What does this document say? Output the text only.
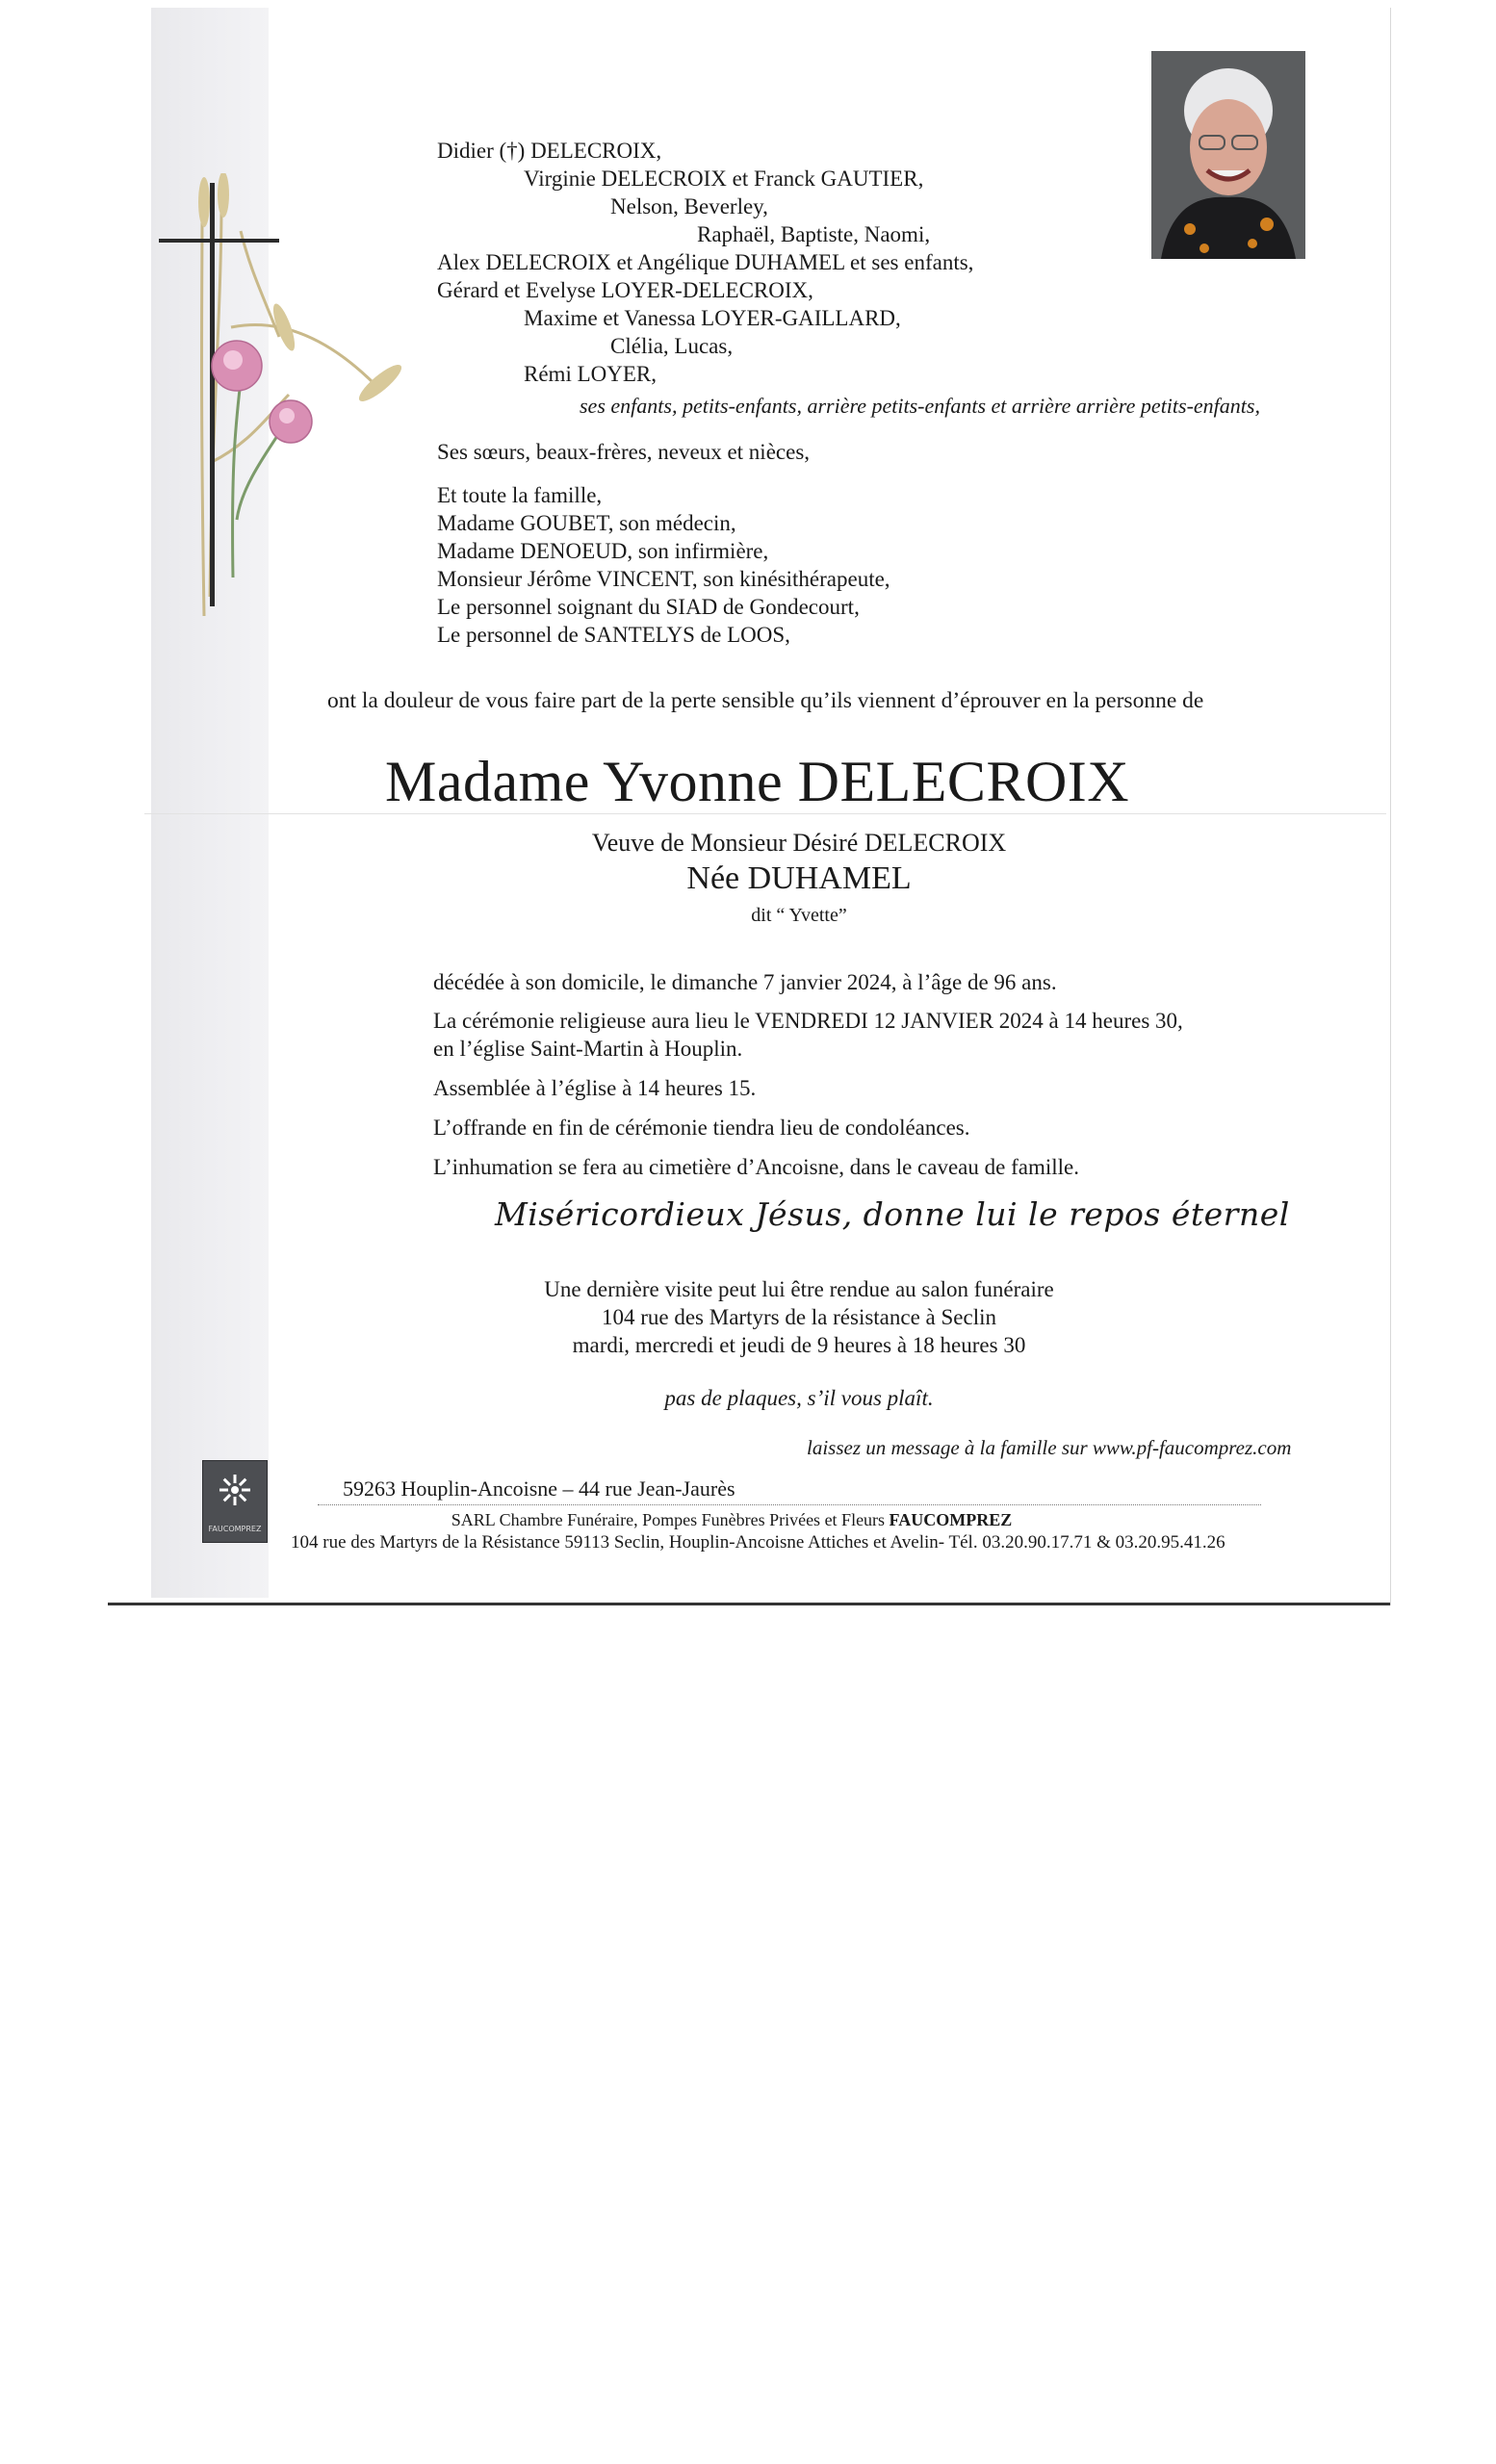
Didier (†) DELECROIX,
Virginie DELECROIX et Franck GAUTIER,
Nelson, Beverley,
Raphaël, Baptiste, Naomi,
Alex DELECROIX et Angélique DUHAMEL et ses enfants,
Gérard et Evelyse LOYER-DELECROIX,
Maxime et Vanessa LOYER-GAILLARD,
Clélia, Lucas,
Rémi LOYER,
ses enfants, petits-enfants, arrière petits-enfants et arrière arrière petits-enfants,
Ses sœurs, beaux-frères, neveux et nièces,
Et toute la famille,
Madame GOUBET, son médecin,
Madame DENOEUD, son infirmière,
Monsieur Jérôme VINCENT, son kinésithérapeute,
Le personnel soignant du SIAD de Gondecourt,
Le personnel de SANTELYS de LOOS,
ont la douleur de vous faire part de la perte sensible qu’ils viennent d’éprouver en la personne de
Madame Yvonne DELECROIX
Veuve de Monsieur Désiré DELECROIX
Née DUHAMEL
dit “ Yvette”
décédée à son domicile, le dimanche 7 janvier 2024, à l’âge de 96 ans.
La cérémonie religieuse aura lieu le VENDREDI 12 JANVIER 2024 à 14 heures 30,
en l’église Saint-Martin à Houplin.
Assemblée à l’église à 14 heures 15.
L’offrande en fin de cérémonie tiendra lieu de condoléances.
L’inhumation se fera au cimetière d’Ancoisne, dans le caveau de famille.
Miséricordieux Jésus, donne lui le repos éternel
Une dernière visite peut lui être rendue au salon funéraire
104 rue des Martyrs de la résistance à Seclin
mardi, mercredi et jeudi de 9 heures à 18 heures 30
pas de plaques, s’il vous plaît.
laissez un message à la famille sur www.pf-faucomprez.com
FAUCOMPREZ
59263 Houplin-Ancoisne – 44 rue Jean-Jaurès
SARL Chambre Funéraire, Pompes Funèbres Privées et Fleurs FAUCOMPREZ
104 rue des Martyrs de la Résistance 59113 Seclin, Houplin-Ancoisne Attiches et Avelin- Tél. 03.20.90.17.71 & 03.20.95.41.26
